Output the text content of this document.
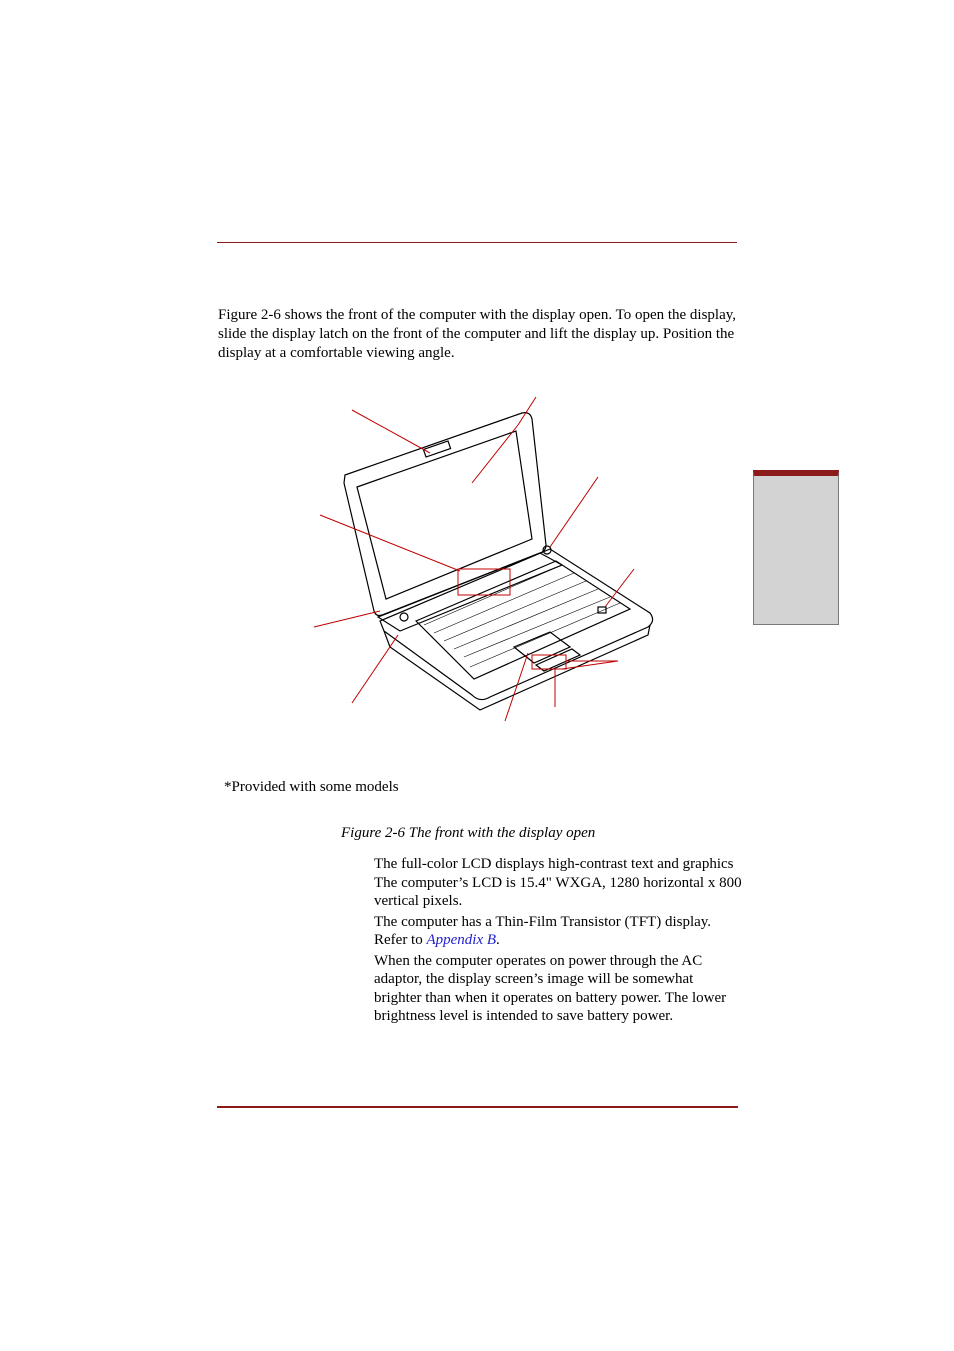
Figure 2-6 shows the front of the computer with the display open. To open the display, slide the display latch on the front of the computer and lift the display up. Position the display at a comfortable viewing angle.
*Provided with some models
Figure 2-6 The front with the display open

The full-color LCD displays high-contrast text and graphics The computer’s LCD is 15.4" WXGA, 1280 horizontal x 800 vertical pixels.

The computer has a Thin-Film Transistor (TFT) display. Refer to Appendix B.

When the computer operates on power through the AC adaptor, the display screen’s image will be somewhat brighter than when it operates on battery power. The lower brightness level is intended to save battery power.
